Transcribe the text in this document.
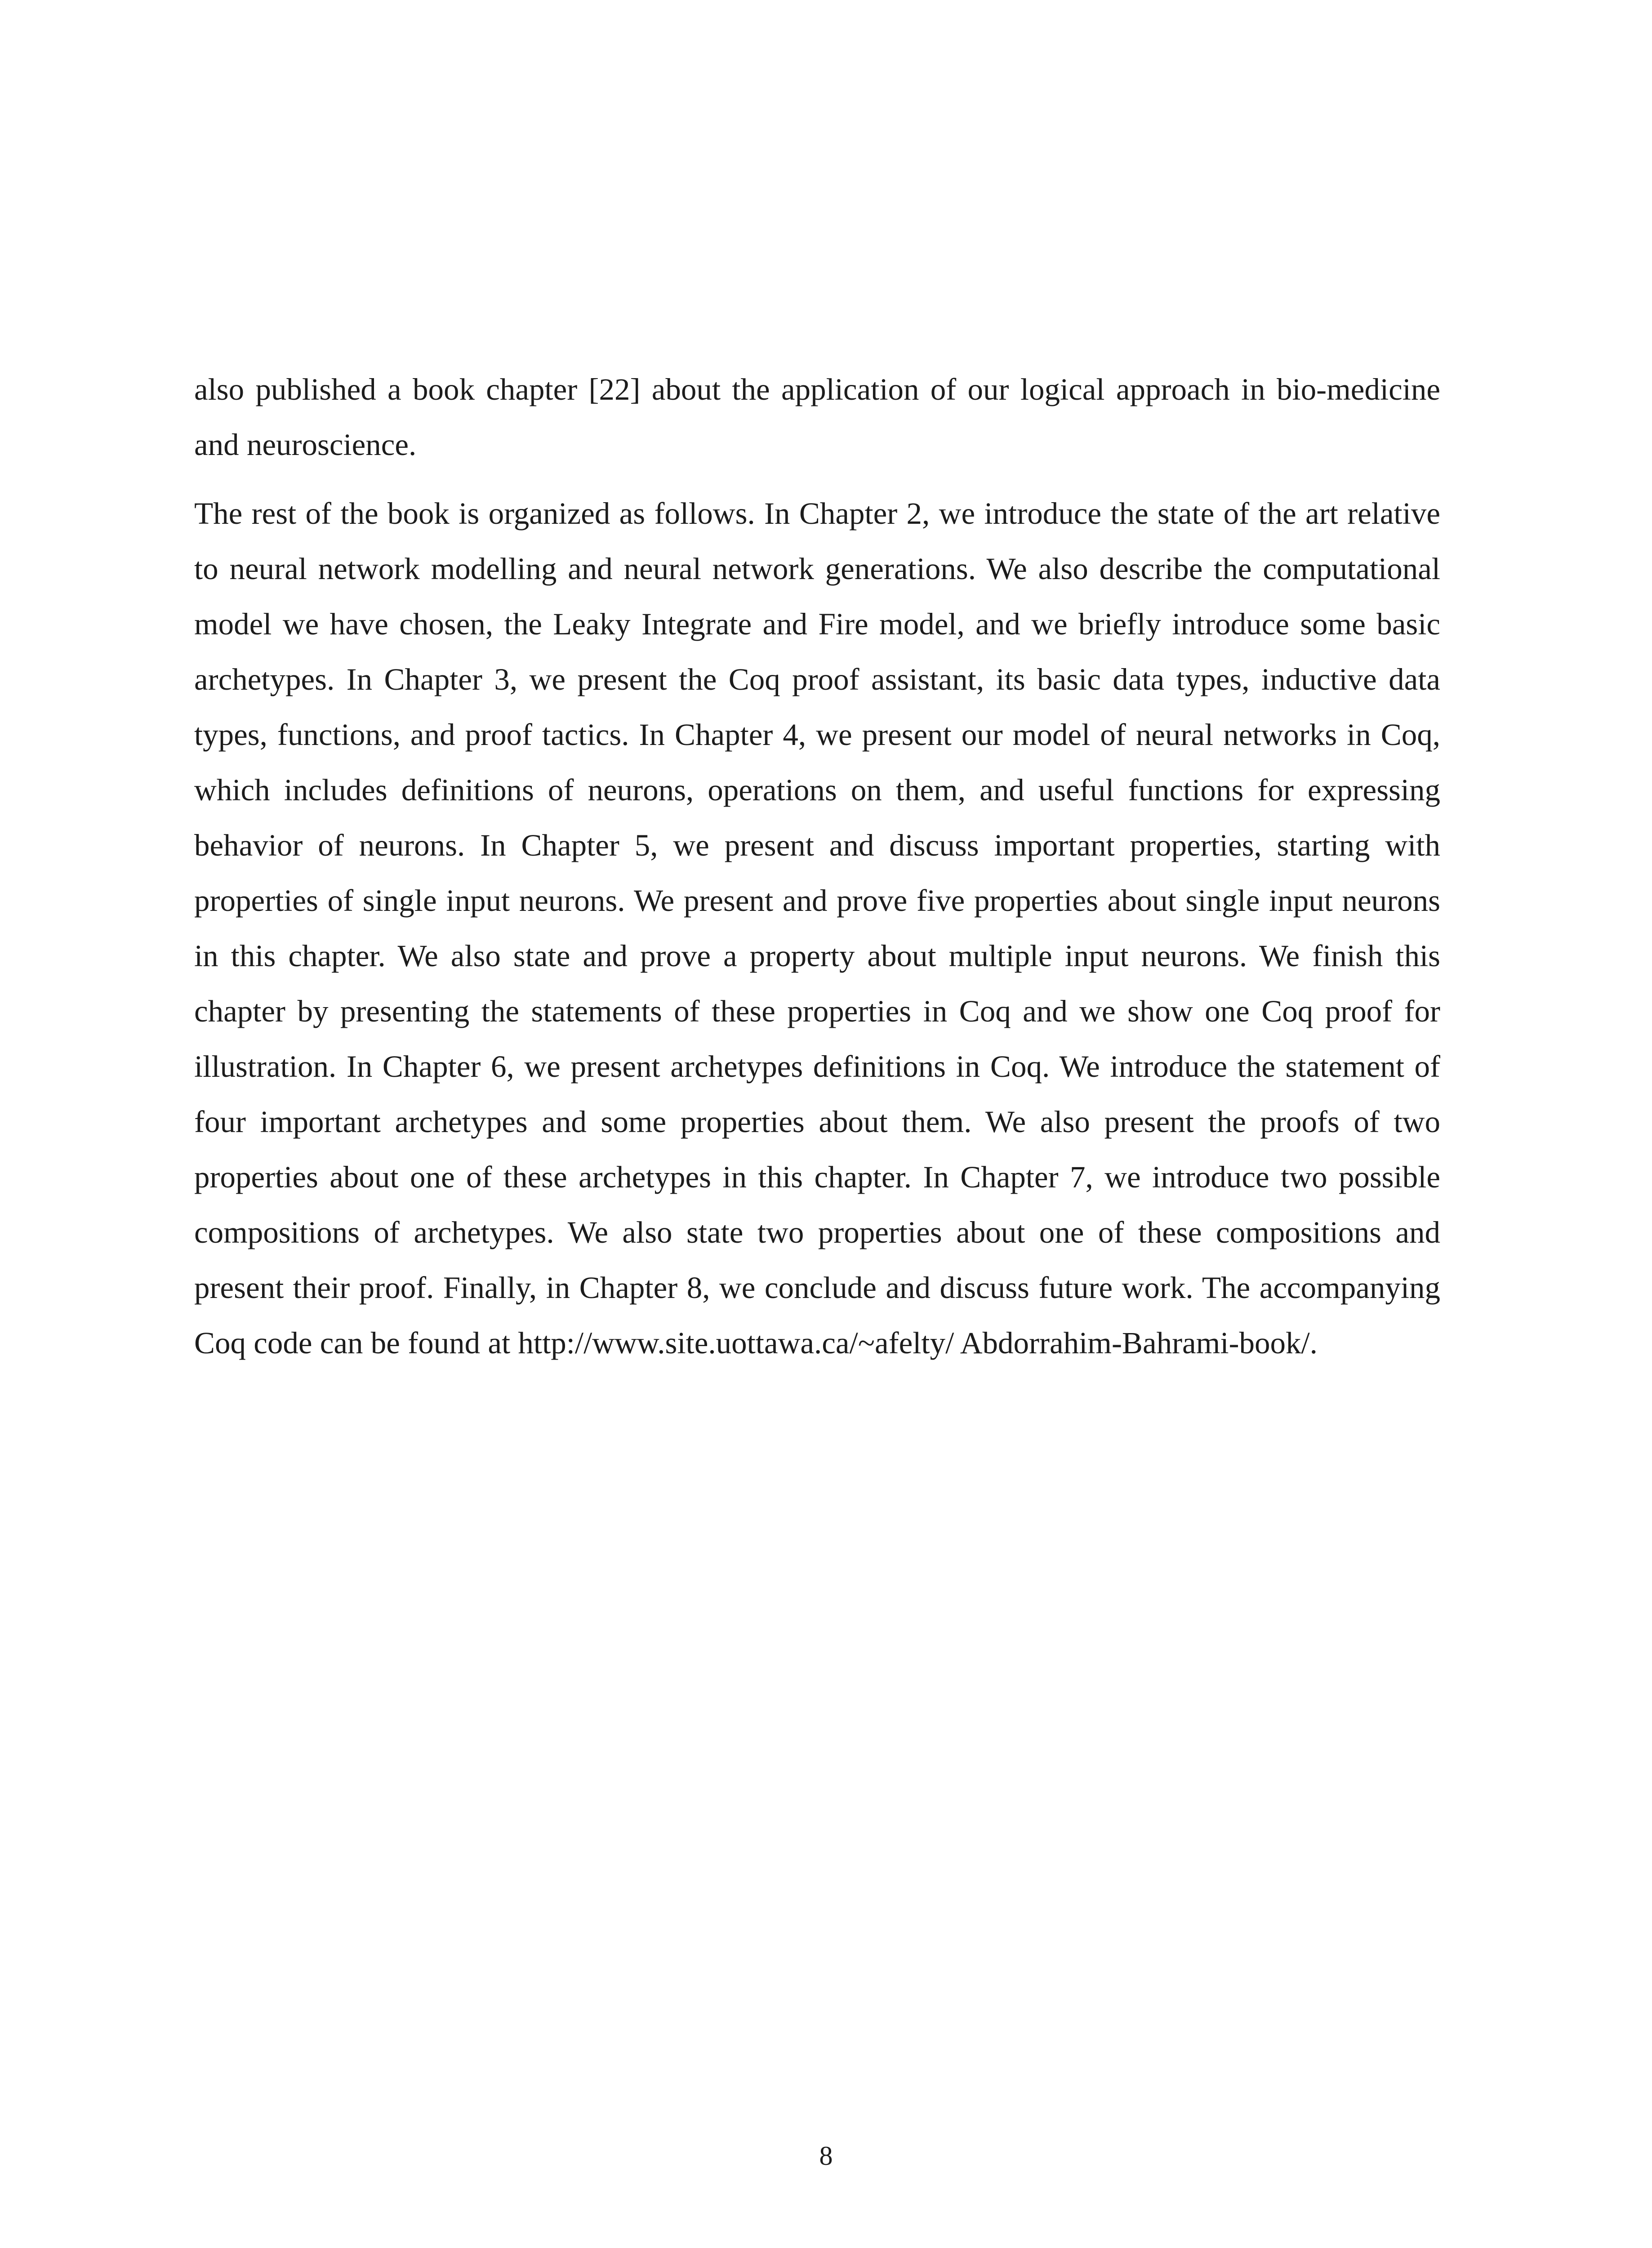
also published a book chapter [22] about the application of our logical approach in bio-medicine and neuroscience.

The rest of the book is organized as follows. In Chapter 2, we introduce the state of the art relative to neural network modelling and neural network generations. We also describe the computational model we have chosen, the Leaky Integrate and Fire model, and we briefly introduce some basic archetypes. In Chapter 3, we present the Coq proof assistant, its basic data types, inductive data types, functions, and proof tactics. In Chapter 4, we present our model of neural networks in Coq, which includes definitions of neurons, operations on them, and useful functions for expressing behavior of neurons. In Chapter 5, we present and discuss important properties, starting with properties of single input neurons. We present and prove five properties about single input neurons in this chapter. We also state and prove a property about multiple input neurons. We finish this chapter by presenting the statements of these properties in Coq and we show one Coq proof for illustration. In Chapter 6, we present archetypes definitions in Coq. We introduce the statement of four important archetypes and some properties about them. We also present the proofs of two properties about one of these archetypes in this chapter. In Chapter 7, we introduce two possible compositions of archetypes. We also state two properties about one of these compositions and present their proof. Finally, in Chapter 8, we conclude and discuss future work. The accompanying Coq code can be found at http://www.site.uottawa.ca/~afelty/ Abdorrahim-Bahrami-book/.

8
